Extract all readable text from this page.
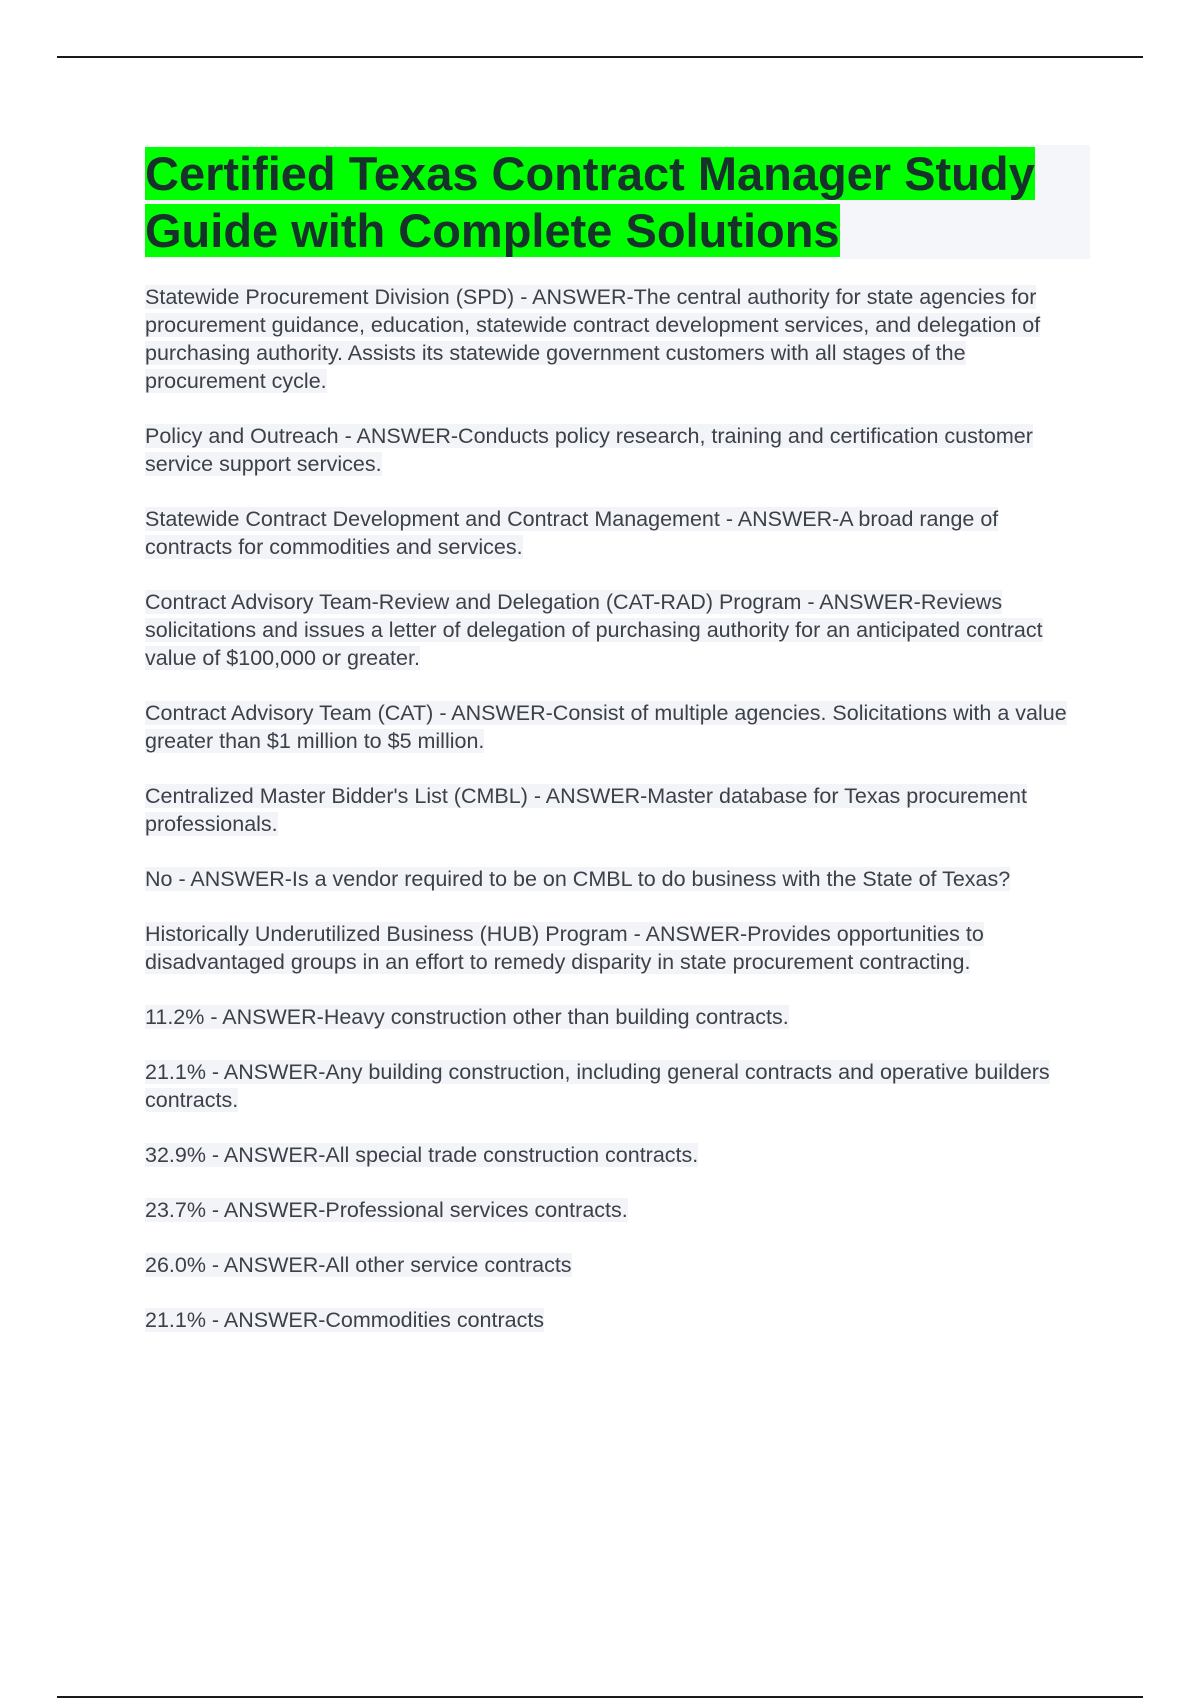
Certified Texas Contract Manager Study Guide with Complete Solutions

Statewide Procurement Division (SPD) - ANSWER-The central authority for state agencies for procurement guidance, education, statewide contract development services, and delegation of purchasing authority. Assists its statewide government customers with all stages of the procurement cycle.

Policy and Outreach - ANSWER-Conducts policy research, training and certification customer service support services.

Statewide Contract Development and Contract Management - ANSWER-A broad range of contracts for commodities and services.

Contract Advisory Team-Review and Delegation (CAT-RAD) Program - ANSWER-Reviews solicitations and issues a letter of delegation of purchasing authority for an anticipated contract value of $100,000 or greater.

Contract Advisory Team (CAT) - ANSWER-Consist of multiple agencies. Solicitations with a value greater than $1 million to $5 million.

Centralized Master Bidder's List (CMBL) - ANSWER-Master database for Texas procurement professionals.

No - ANSWER-Is a vendor required to be on CMBL to do business with the State of Texas?

Historically Underutilized Business (HUB) Program - ANSWER-Provides opportunities to disadvantaged groups in an effort to remedy disparity in state procurement contracting.

11.2% - ANSWER-Heavy construction other than building contracts.

21.1% - ANSWER-Any building construction, including general contracts and operative builders contracts.

32.9% - ANSWER-All special trade construction contracts.

23.7% - ANSWER-Professional services contracts.

26.0% - ANSWER-All other service contracts

21.1% - ANSWER-Commodities contracts
